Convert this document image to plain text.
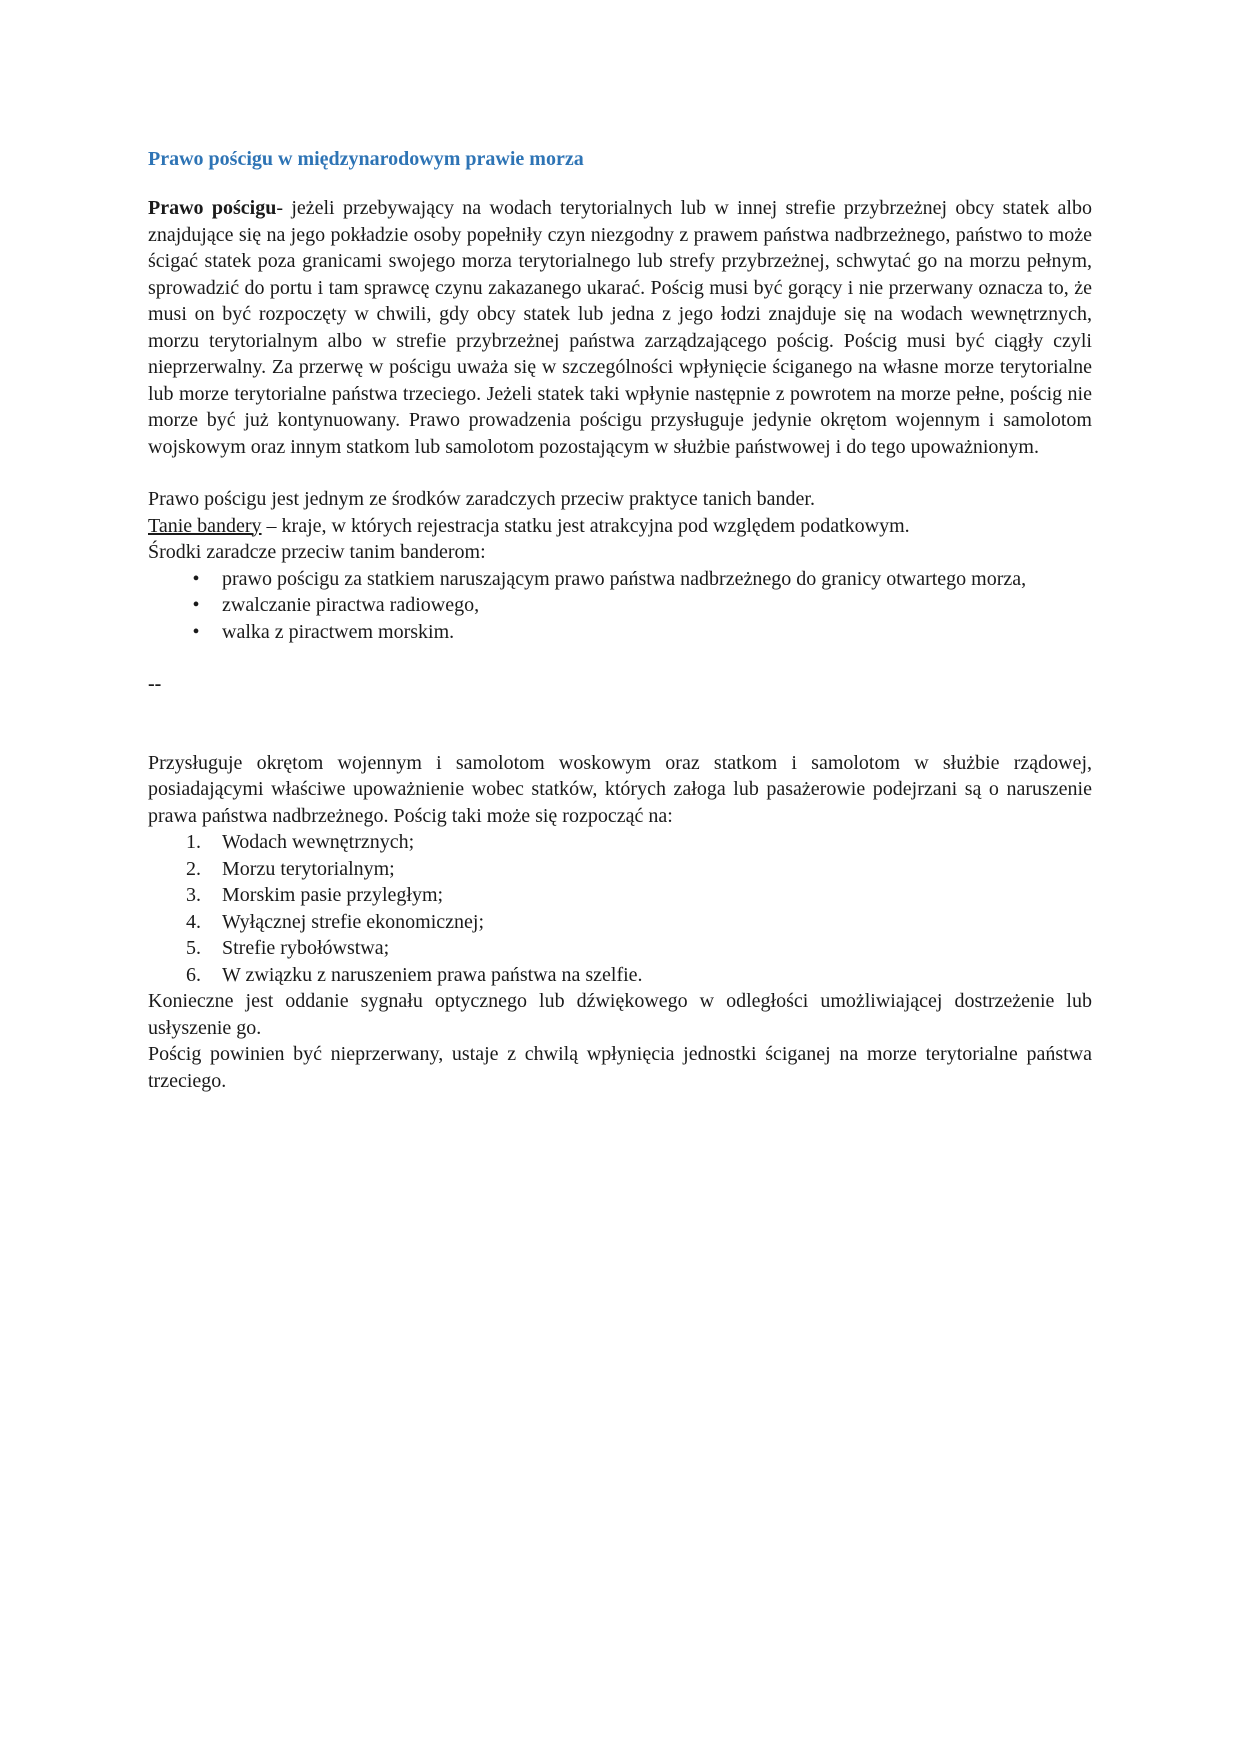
Prawo pościgu w międzynarodowym prawie morza

Prawo pościgu- jeżeli przebywający na wodach terytorialnych lub w innej strefie przybrzeżnej obcy statek albo znajdujące się na jego pokładzie osoby popełniły czyn niezgodny z prawem państwa nadbrzeżnego, państwo to może ścigać statek poza granicami swojego morza terytorialnego lub strefy przybrzeżnej, schwytać go na morzu pełnym, sprowadzić do portu i tam sprawcę czynu zakazanego ukarać. Pościg musi być gorący i nie przerwany oznacza to, że musi on być rozpoczęty w chwili, gdy obcy statek lub jedna z jego łodzi znajduje się na wodach wewnętrznych, morzu terytorialnym albo w strefie przybrzeżnej państwa zarządzającego pościg. Pościg musi być ciągły czyli nieprzerwalny. Za przerwę w pościgu uważa się w szczególności wpłynięcie ściganego na własne morze terytorialne lub morze terytorialne państwa trzeciego. Jeżeli statek taki wpłynie następnie z powrotem na morze pełne, pościg nie morze być już kontynuowany. Prawo prowadzenia pościgu przysługuje jedynie okrętom wojennym i samolotom wojskowym oraz innym statkom lub samolotom pozostającym w służbie państwowej i do tego upoważnionym.

Prawo pościgu jest jednym ze środków zaradczych przeciw praktyce tanich bander.

Tanie bandery – kraje, w których rejestracja statku jest atrakcyjna pod względem podatkowym.

Środki zaradcze przeciw tanim banderom:

•	prawo pościgu za statkiem naruszającym prawo państwa nadbrzeżnego do granicy otwartego morza,
•	zwalczanie piractwa radiowego,
•	walka z piractwem morskim.

--

Przysługuje okrętom wojennym i samolotom woskowym oraz statkom i samolotom w służbie rządowej, posiadającymi właściwe upoważnienie wobec statków, których załoga lub pasażerowie podejrzani są o naruszenie prawa państwa nadbrzeżnego. Pościg taki może się rozpocząć na:

1. Wodach wewnętrznych;
2. Morzu terytorialnym;
3. Morskim pasie przyległym;
4. Wyłącznej strefie ekonomicznej;
5. Strefie rybołówstwa;
6. W związku z naruszeniem prawa państwa na szelfie.

Konieczne jest oddanie sygnału optycznego lub dźwiękowego w odległości umożliwiającej dostrzeżenie lub usłyszenie go.

Pościg powinien być nieprzerwany, ustaje z chwilą wpłynięcia jednostki ściganej na morze terytorialne państwa trzeciego.
